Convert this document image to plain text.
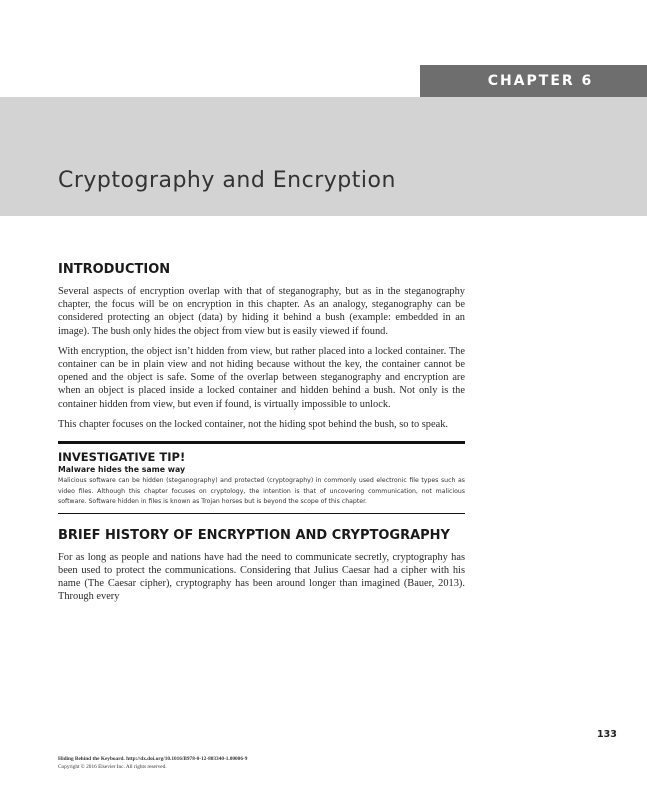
CHAPTER 6
Cryptography and Encryption
INTRODUCTION

Several aspects of encryption overlap with that of steganography, but as in the steganography chapter, the focus will be on encryption in this chapter. As an analogy, steganography can be considered protecting an object (data) by hiding it behind a bush (example: embedded in an image). The bush only hides the object from view but is easily viewed if found.

With encryption, the object isn’t hidden from view, but rather placed into a locked container. The container can be in plain view and not hiding because without the key, the container cannot be opened and the object is safe. Some of the overlap between steganography and encryption are when an object is placed inside a locked container and hidden behind a bush. Not only is the container hidden from view, but even if found, is virtually impossible to unlock.

This chapter focuses on the locked container, not the hiding spot behind the bush, so to speak.

INVESTIGATIVE TIP!
Malware hides the same way

Malicious software can be hidden (steganography) and protected (cryptography) in commonly used electronic file types such as video files. Although this chapter focuses on cryptology, the intention is that of uncovering communication, not malicious software. Software hidden in files is known as Trojan horses but is beyond the scope of this chapter.

BRIEF HISTORY OF ENCRYPTION AND CRYPTOGRAPHY

For as long as people and nations have had the need to communicate secretly, cryptography has been used to protect the communications. Considering that Julius Caesar had a cipher with his name (The Caesar cipher), cryptography has been around longer than imagined (Bauer, 2013). Through every

133
Hiding Behind the Keyboard. http://dx.doi.org/10.1016/B978-0-12-803340-1.00006-9
Copyright © 2016 Elsevier Inc. All rights reserved.
